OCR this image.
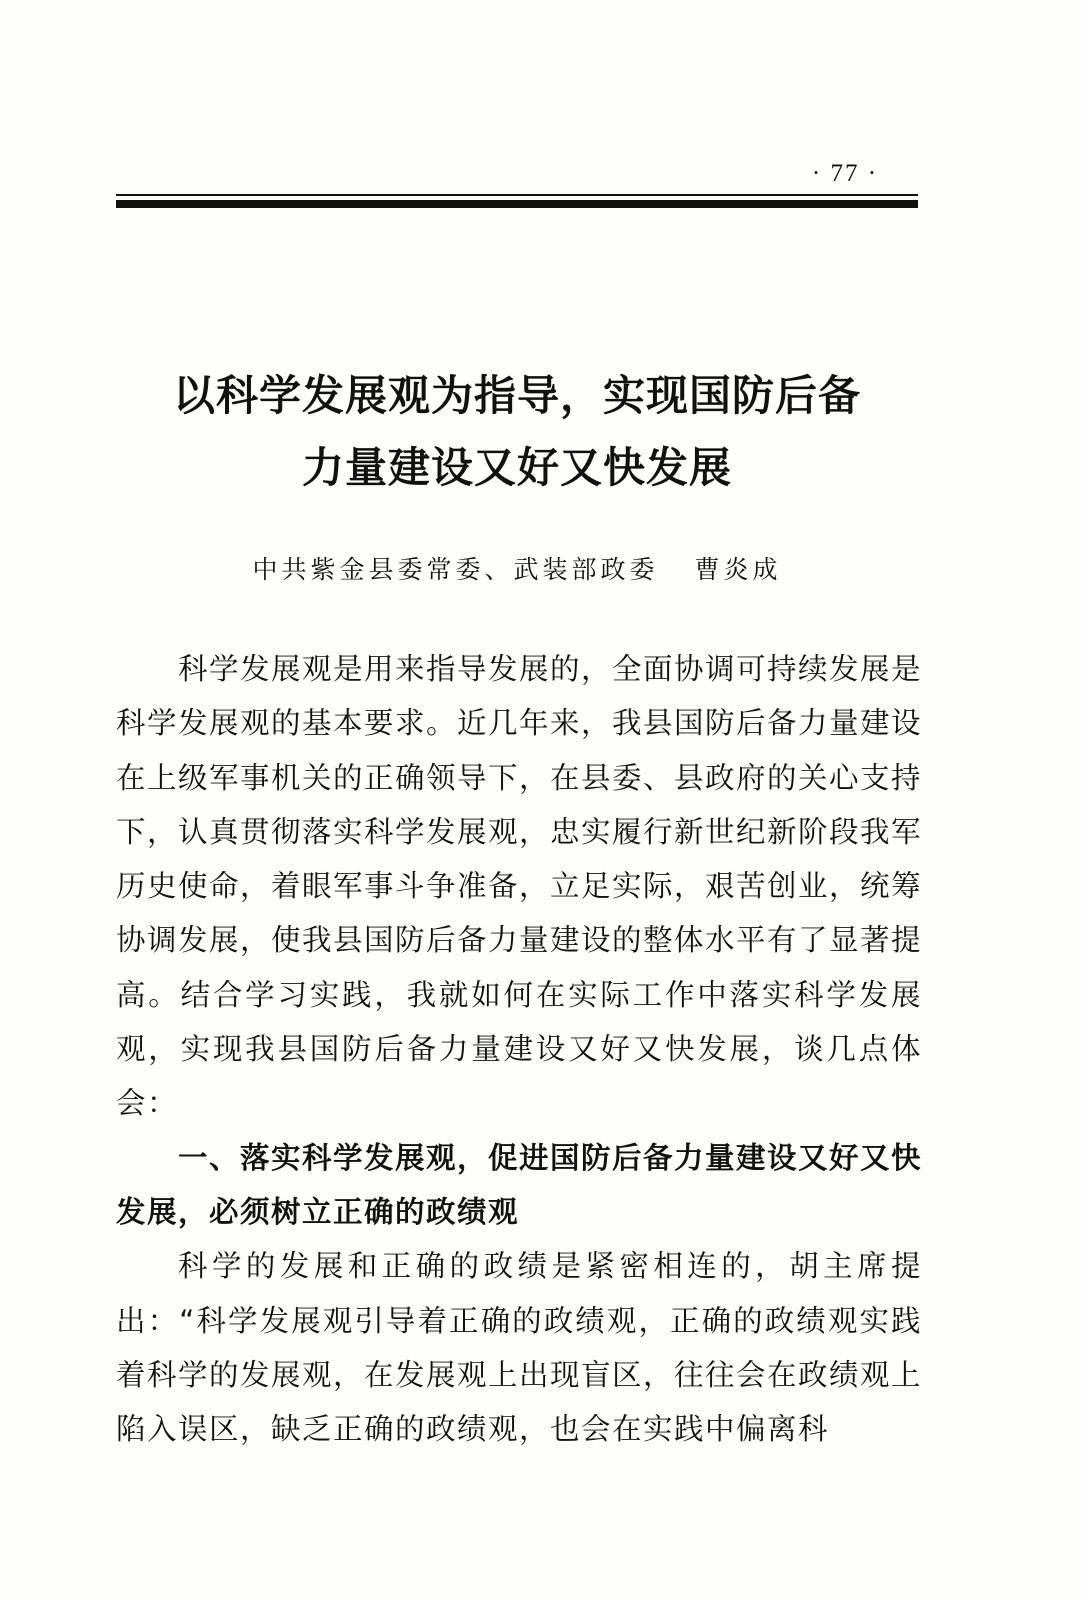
· 77 ·
以科学发展观为指导，实现国防后备
力量建设又好又快发展
中共紫金县委常委、武装部政委 曹炎成

科学发展观是用来指导发展的，全面协调可持续发展是科学发展观的基本要求。近几年来，我县国防后备力量建设在上级军事机关的正确领导下，在县委、县政府的关心支持下，认真贯彻落实科学发展观，忠实履行新世纪新阶段我军历史使命，着眼军事斗争准备，立足实际，艰苦创业，统筹协调发展，使我县国防后备力量建设的整体水平有了显著提高。结合学习实践，我就如何在实际工作中落实科学发展观，实现我县国防后备力量建设又好又快发展，谈几点体会：

一、落实科学发展观，促进国防后备力量建设又好又快发展，必须树立正确的政绩观

科学的发展和正确的政绩是紧密相连的，胡主席提出：“科学发展观引导着正确的政绩观，正确的政绩观实践着科学的发展观，在发展观上出现盲区，往往会在政绩观上陷入误区，缺乏正确的政绩观，也会在实践中偏离科
